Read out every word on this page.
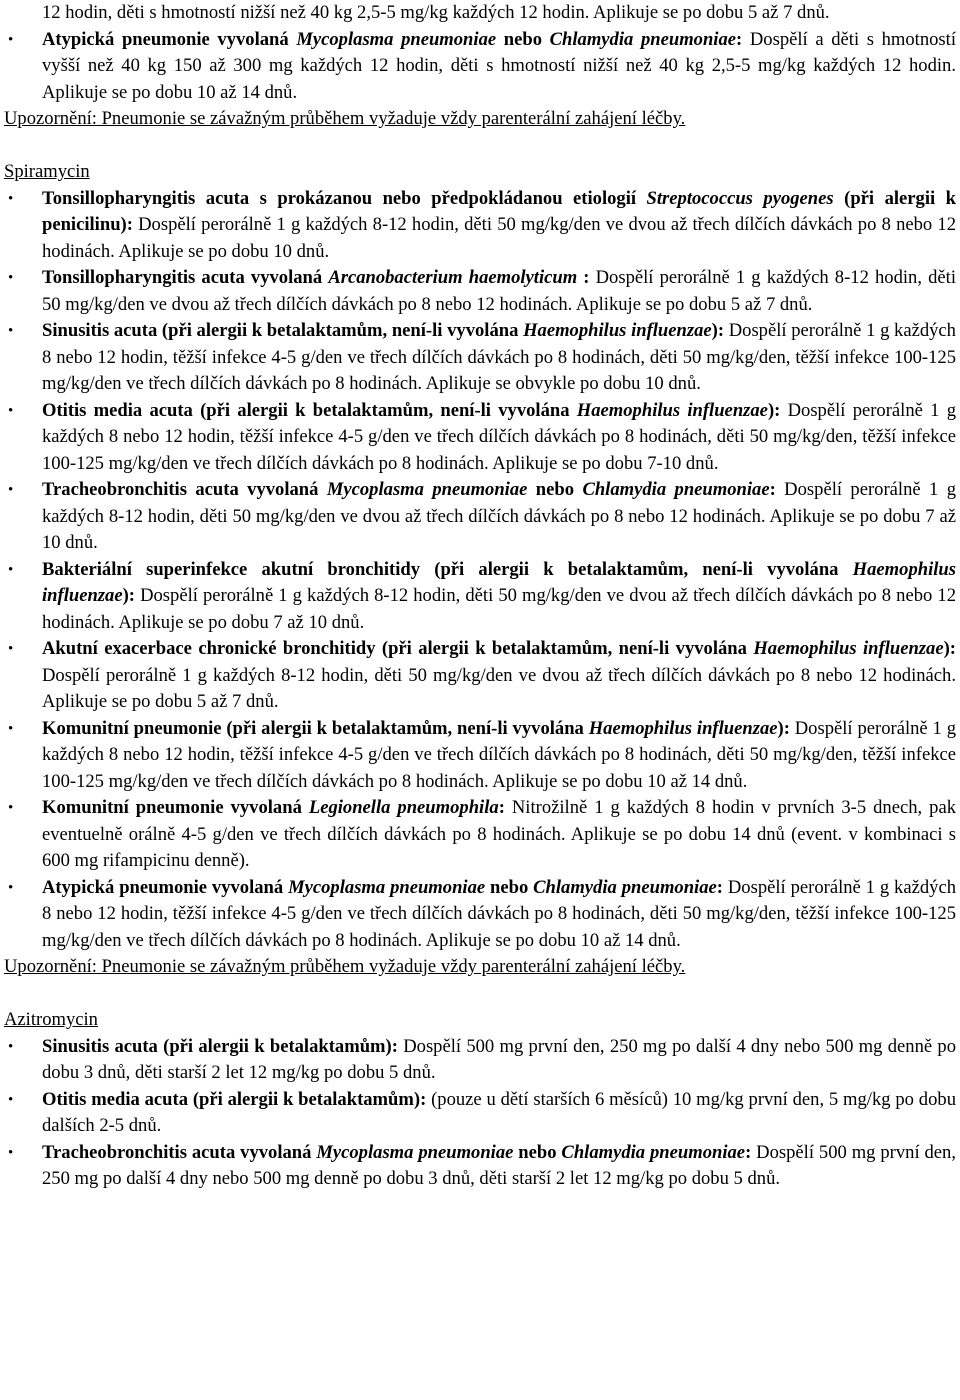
12 hodin, děti s hmotností nižší než 40 kg 2,5-5 mg/kg každých 12 hodin. Aplikuje se po dobu 5 až 7 dnů.

• Atypická pneumonie vyvolaná Mycoplasma pneumoniae nebo Chlamydia pneumoniae: Dospělí a děti s hmotností vyšší než 40 kg 150 až 300 mg každých 12 hodin, děti s hmotností nižší než 40 kg 2,5-5 mg/kg každých 12 hodin. Aplikuje se po dobu 10 až 14 dnů.

Upozornění: Pneumonie se závažným průběhem vyžaduje vždy parenterální zahájení léčby.

Spiramycin

• Tonsillopharyngitis acuta s prokázanou nebo předpokládanou etiologií Streptococcus pyogenes (při alergii k penicilinu): Dospělí perorálně 1 g každých 8-12 hodin, děti 50 mg/kg/den ve dvou až třech dílčích dávkách po 8 nebo 12 hodinách. Aplikuje se po dobu 10 dnů.
• Tonsillopharyngitis acuta vyvolaná Arcanobacterium haemolyticum : Dospělí perorálně 1 g každých 8-12 hodin, děti 50 mg/kg/den ve dvou až třech dílčích dávkách po 8 nebo 12 hodinách. Aplikuje se po dobu 5 až 7 dnů.
• Sinusitis acuta (při alergii k betalaktamům, není-li vyvolána Haemophilus influenzae): Dospělí perorálně 1 g každých 8 nebo 12 hodin, těžší infekce 4-5 g/den ve třech dílčích dávkách po 8 hodinách, děti 50 mg/kg/den, těžší infekce 100-125 mg/kg/den ve třech dílčích dávkách po 8 hodinách. Aplikuje se obvykle po dobu 10 dnů.
• Otitis media acuta (při alergii k betalaktamům, není-li vyvolána Haemophilus influenzae): Dospělí perorálně 1 g každých 8 nebo 12 hodin, těžší infekce 4-5 g/den ve třech dílčích dávkách po 8 hodinách, děti 50 mg/kg/den, těžší infekce 100-125 mg/kg/den ve třech dílčích dávkách po 8 hodinách. Aplikuje se po dobu 7-10 dnů.
• Tracheobronchitis acuta vyvolaná Mycoplasma pneumoniae nebo Chlamydia pneumoniae: Dospělí perorálně 1 g každých 8-12 hodin, děti 50 mg/kg/den ve dvou až třech dílčích dávkách po 8 nebo 12 hodinách. Aplikuje se po dobu 7 až 10 dnů.
• Bakteriální superinfekce akutní bronchitidy (při alergii k betalaktamům, není-li vyvolána Haemophilus influenzae): Dospělí perorálně 1 g každých 8-12 hodin, děti 50 mg/kg/den ve dvou až třech dílčích dávkách po 8 nebo 12 hodinách. Aplikuje se po dobu 7 až 10 dnů.
• Akutní exacerbace chronické bronchitidy (při alergii k betalaktamům, není-li vyvolána Haemophilus influenzae): Dospělí perorálně 1 g každých 8-12 hodin, děti 50 mg/kg/den ve dvou až třech dílčích dávkách po 8 nebo 12 hodinách. Aplikuje se po dobu 5 až 7 dnů.
• Komunitní pneumonie (při alergii k betalaktamům, není-li vyvolána Haemophilus influenzae): Dospělí perorálně 1 g každých 8 nebo 12 hodin, těžší infekce 4-5 g/den ve třech dílčích dávkách po 8 hodinách, děti 50 mg/kg/den, těžší infekce 100-125 mg/kg/den ve třech dílčích dávkách po 8 hodinách. Aplikuje se po dobu 10 až 14 dnů.
• Komunitní pneumonie vyvolaná Legionella pneumophila: Nitrožilně 1 g každých 8 hodin v prvních 3-5 dnech, pak eventuelně orálně 4-5 g/den ve třech dílčích dávkách po 8 hodinách. Aplikuje se po dobu 14 dnů (event. v kombinaci s 600 mg rifampicinu denně).
• Atypická pneumonie vyvolaná Mycoplasma pneumoniae nebo Chlamydia pneumoniae: Dospělí perorálně 1 g každých 8 nebo 12 hodin, těžší infekce 4-5 g/den ve třech dílčích dávkách po 8 hodinách, děti 50 mg/kg/den, těžší infekce 100-125 mg/kg/den ve třech dílčích dávkách po 8 hodinách. Aplikuje se po dobu 10 až 14 dnů.

Upozornění: Pneumonie se závažným průběhem vyžaduje vždy parenterální zahájení léčby.

Azitromycin

• Sinusitis acuta (při alergii k betalaktamům): Dospělí 500 mg první den, 250 mg po další 4 dny nebo 500 mg denně po dobu 3 dnů, děti starší 2 let 12 mg/kg po dobu 5 dnů.
• Otitis media acuta (při alergii k betalaktamům): (pouze u dětí starších 6 měsíců) 10 mg/kg první den, 5 mg/kg po dobu dalších 2-5 dnů.
• Tracheobronchitis acuta vyvolaná Mycoplasma pneumoniae nebo Chlamydia pneumoniae: Dospělí 500 mg první den, 250 mg po další 4 dny nebo 500 mg denně po dobu 3 dnů, děti starší 2 let 12 mg/kg po dobu 5 dnů.
